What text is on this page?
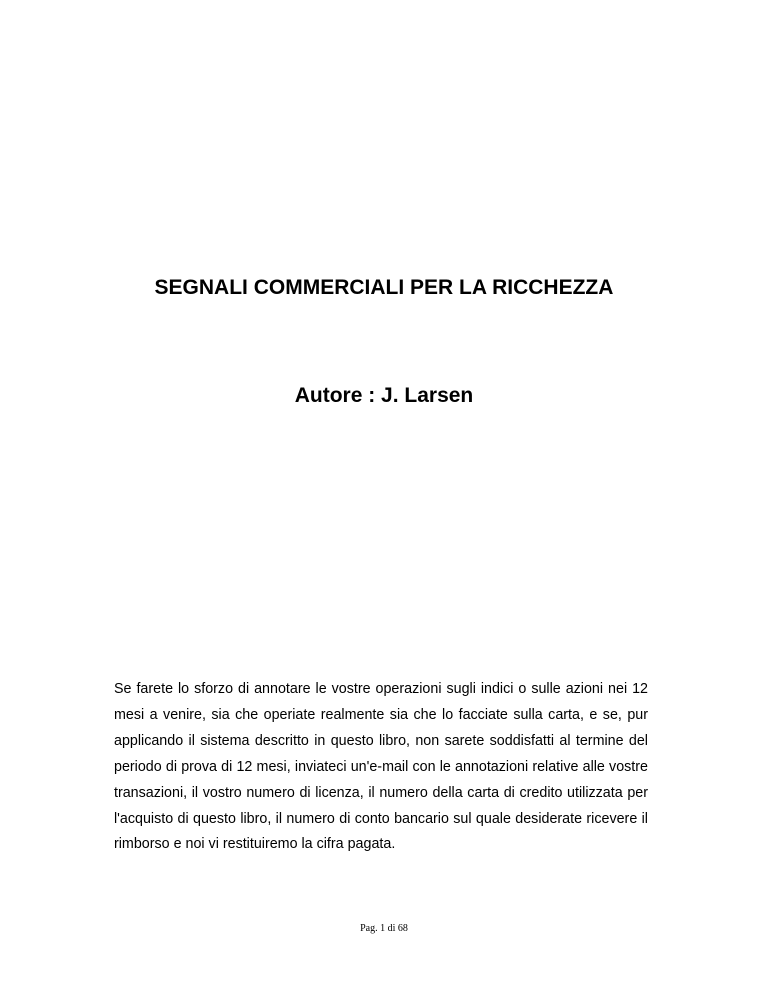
SEGNALI COMMERCIALI PER LA RICCHEZZA
Autore : J. Larsen

Se farete lo sforzo di annotare le vostre operazioni sugli indici o sulle azioni nei 12 mesi a venire, sia che operiate realmente sia che lo facciate sulla carta, e se, pur applicando il sistema descritto in questo libro, non sarete soddisfatti al termine del periodo di prova di 12 mesi, inviateci un'e-mail con le annotazioni relative alle vostre transazioni, il vostro numero di licenza, il numero della carta di credito utilizzata per l'acquisto di questo libro, il numero di conto bancario sul quale desiderate ricevere il rimborso e noi vi restituiremo la cifra pagata.

Pag. 1 di 68
